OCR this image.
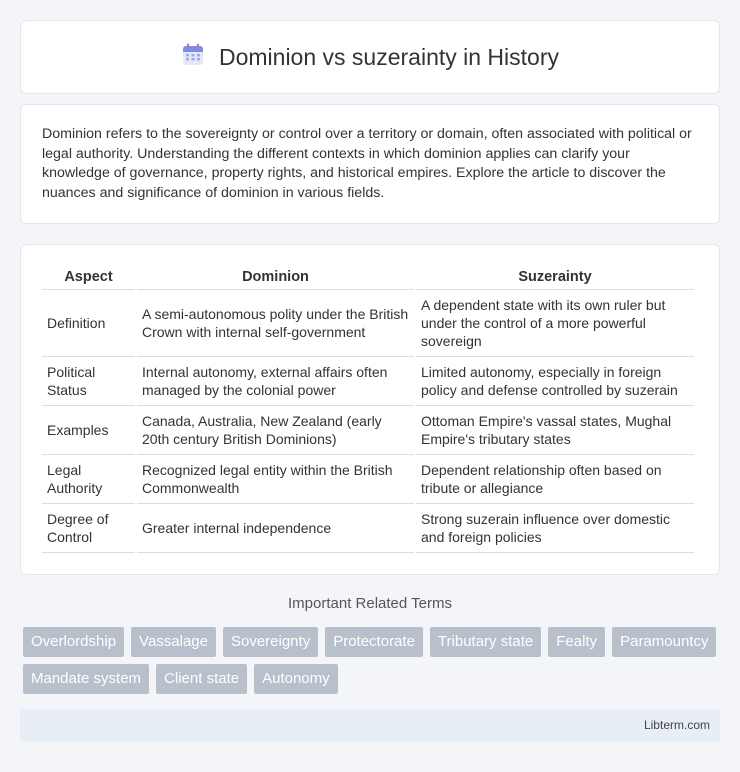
Dominion vs suzerainty in History

Dominion refers to the sovereignty or control over a territory or domain, often associated with political or legal authority. Understanding the different contexts in which dominion applies can clarify your knowledge of governance, property rights, and historical empires. Explore the article to discover the nuances and significance of dominion in various fields.

Aspect	Dominion	Suzerainty
Definition	A semi-autonomous polity under the British Crown with internal self-government	A dependent state with its own ruler but under the control of a more powerful sovereign
Political Status	Internal autonomy, external affairs often managed by the colonial power	Limited autonomy, especially in foreign policy and defense controlled by suzerain
Examples	Canada, Australia, New Zealand (early 20th century British Dominions)	Ottoman Empire's vassal states, Mughal Empire's tributary states
Legal Authority	Recognized legal entity within the British Commonwealth	Dependent relationship often based on tribute or allegiance
Degree of Control	Greater internal independence	Strong suzerain influence over domestic and foreign policies
Important Related Terms
Overlordship	Vassalage	Sovereignty	Protectorate	Tributary state	Fealty	Paramountcy
Mandate system	Client state	Autonomy
Libterm.com
